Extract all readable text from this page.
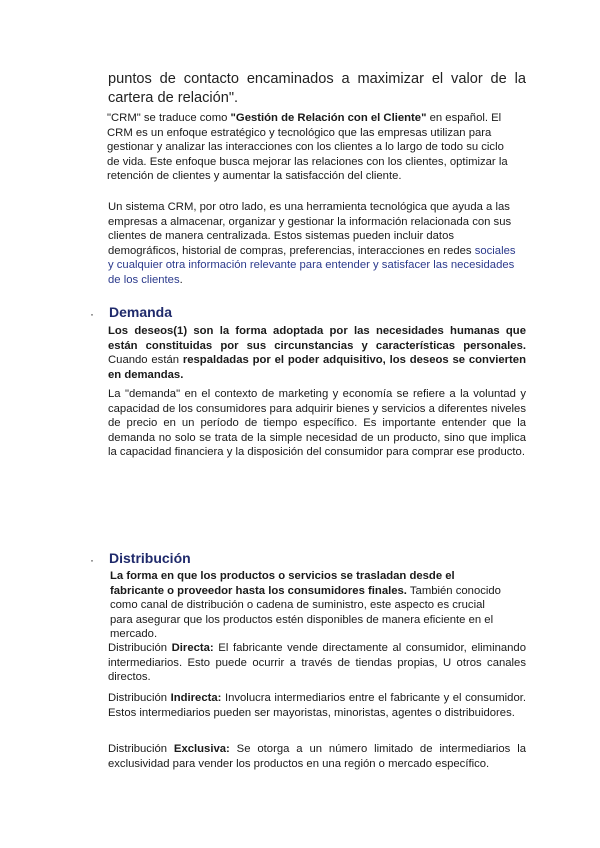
puntos de contacto encaminados a maximizar el valor de la cartera de relación".

"CRM" se traduce como "Gestión de Relación con el Cliente" en español. El CRM es un enfoque estratégico y tecnológico que las empresas utilizan para gestionar y analizar las interacciones con los clientes a lo largo de todo su ciclo de vida. Este enfoque busca mejorar las relaciones con los clientes, optimizar la retención de clientes y aumentar la satisfacción del cliente.

Un sistema CRM, por otro lado, es una herramienta tecnológica que ayuda a las empresas a almacenar, organizar y gestionar la información relacionada con sus clientes de manera centralizada. Estos sistemas pueden incluir datos demográficos, historial de compras, preferencias, interacciones en redes sociales y cualquier otra información relevante para entender y satisfacer las necesidades de los clientes.

· Demanda

Los deseos(1) son la forma adoptada por las necesidades humanas que están constituidas por sus circunstancias y características personales. Cuando están respaldadas por el poder adquisitivo, los deseos se convierten en demandas.

La "demanda" en el contexto de marketing y economía se refiere a la voluntad y capacidad de los consumidores para adquirir bienes y servicios a diferentes niveles de precio en un período de tiempo específico. Es importante entender que la demanda no solo se trata de la simple necesidad de un producto, sino que implica la capacidad financiera y la disposición del consumidor para comprar ese producto.

· Distribución

La forma en que los productos o servicios se trasladan desde el fabricante o proveedor hasta los consumidores finales. También conocido como canal de distribución o cadena de suministro, este aspecto es crucial para asegurar que los productos estén disponibles de manera eficiente en el mercado.

Distribución Directa: El fabricante vende directamente al consumidor, eliminando intermediarios. Esto puede ocurrir a través de tiendas propias, U otros canales directos.

Distribución Indirecta: Involucra intermediarios entre el fabricante y el consumidor. Estos intermediarios pueden ser mayoristas, minoristas, agentes o distribuidores.

Distribución Exclusiva: Se otorga a un número limitado de intermediarios la exclusividad para vender los productos en una región o mercado específico.
